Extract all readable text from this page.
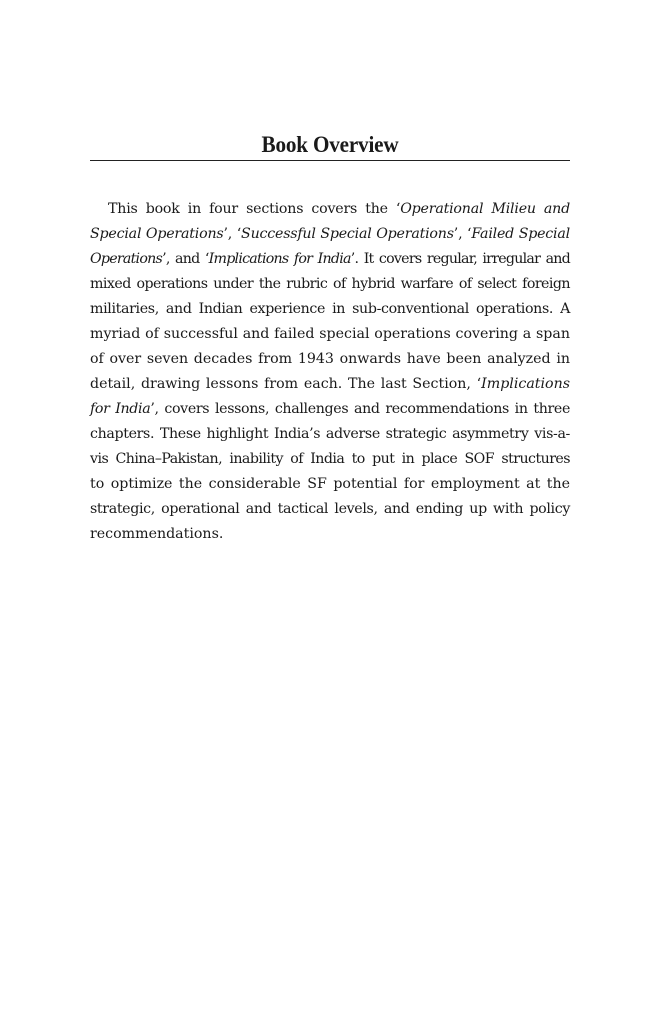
Book Overview
This book in four sections covers the ‘Operational Milieu and
Special Operations’, ‘Successful Special Operations’, ‘Failed Special
Operations’, and ‘Implications for India’. It covers regular, irregular and
mixed operations under the rubric of hybrid warfare of select foreign
militaries, and Indian experience in sub-conventional operations. A
myriad of successful and failed special operations covering a span
of over seven decades from 1943 onwards have been analyzed in
detail, drawing lessons from each. The last Section, ‘Implications
for India’, covers lessons, challenges and recommendations in three
chapters. These highlight India’s adverse strategic asymmetry vis-a-
vis China–Pakistan, inability of India to put in place SOF structures
to optimize the considerable SF potential for employment at the
strategic, operational and tactical levels, and ending up with policy
recommendations.
